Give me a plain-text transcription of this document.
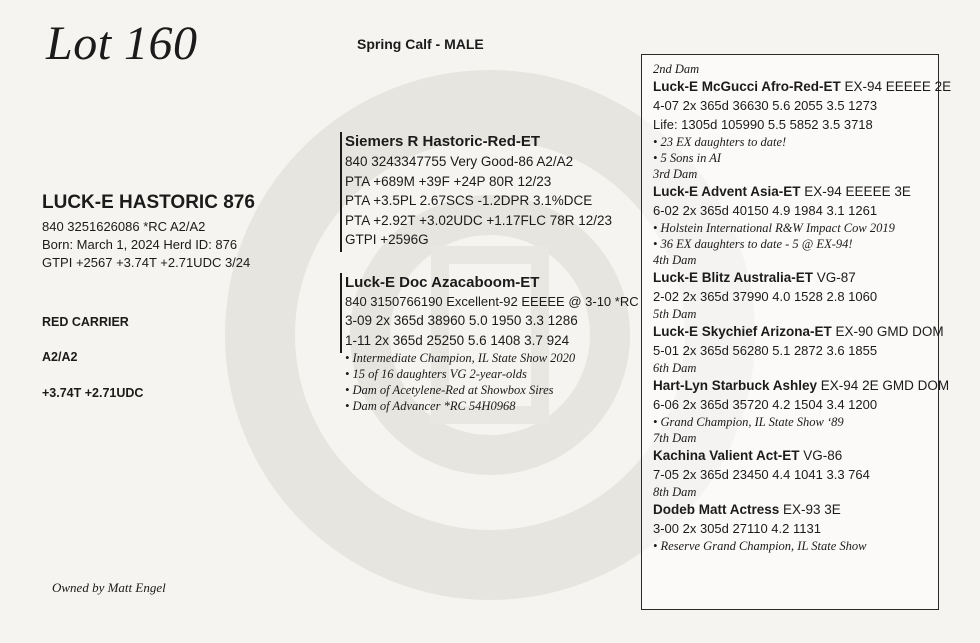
Lot 160	Spring Calf - MALE
LUCK-E HASTORIC 876
840 3251626086 *RC A2/A2
Born: March 1, 2024 Herd ID: 876
GTPI +2567 +3.74T +2.71UDC 3/24
RED CARRIER
A2/A2
+3.74T +2.71UDC
Owned by Matt Engel
Siemers R Hastoric-Red-ET
840 3243347755 Very Good-86 A2/A2
PTA +689M +39F +24P 80R 12/23
PTA +3.5PL 2.67SCS -1.2DPR 3.1%DCE
PTA +2.92T +3.02UDC +1.17FLC 78R 12/23
GTPI +2596G
Luck-E Doc Azacaboom-ET
840 3150766190 Excellent-92 EEEEE @ 3-10 *RC
3-09 2x 365d 38960 5.0 1950 3.3 1286
1-11 2x 365d 25250 5.6 1408 3.7 924
• Intermediate Champion, IL State Show 2020
• 15 of 16 daughters VG 2-year-olds
• Dam of Acetylene-Red at Showbox Sires
• Dam of Advancer *RC 54H0968
2nd Dam
Luck-E McGucci Afro-Red-ET EX-94 EEEEE 2E
4-07 2x 365d 36630 5.6 2055 3.5 1273
Life: 1305d 105990 5.5 5852 3.5 3718
• 23 EX daughters to date!
• 5 Sons in AI
3rd Dam
Luck-E Advent Asia-ET EX-94 EEEEE 3E
6-02 2x 365d 40150 4.9 1984 3.1 1261
• Holstein International R&W Impact Cow 2019
• 36 EX daughters to date - 5 @ EX-94!
4th Dam
Luck-E Blitz Australia-ET VG-87
2-02 2x 365d 37990 4.0 1528 2.8 1060
5th Dam
Luck-E Skychief Arizona-ET EX-90 GMD DOM
5-01 2x 365d 56280 5.1 2872 3.6 1855
6th Dam
Hart-Lyn Starbuck Ashley EX-94 2E GMD DOM
6-06 2x 365d 35720 4.2 1504 3.4 1200
• Grand Champion, IL State Show ‘89
7th Dam
Kachina Valient Act-ET VG-86
7-05 2x 365d 23450 4.4 1041 3.3 764
8th Dam
Dodeb Matt Actress EX-93 3E
3-00 2x 305d 27110 4.2 1131
• Reserve Grand Champion, IL State Show
